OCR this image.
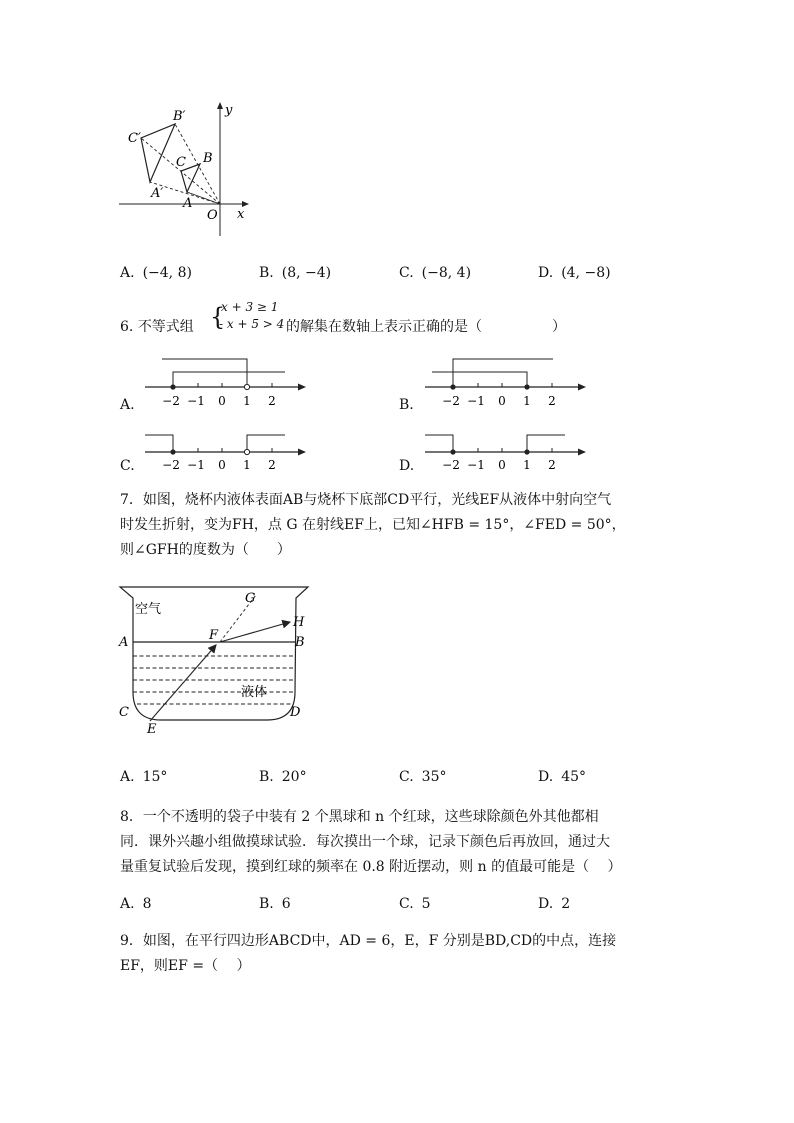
y
x
O
A
B
C
A′
B′
C′
A. (−4, 8)	B. (8, −4)	C. (−8, 4)	D. (4, −8)
6. 不等式组 {
x + 3 ≥ 1
- x + 5 > 4 的解集在数轴上表示正确的是（　　　　　）
A. −2 −1 0 1 2	B. −2 −1 0 1 2
C. −2 −1 0 1 2	D. −2 −1 0 1 2
7．如图，烧杯内液体表面AB与烧杯下底部CD平行，光线EF从液体中射向空气
时发生折射，变为FH，点 G 在射线EF上，已知∠HFB = 15°，∠FED = 50°，
则∠GFH的度数为（　　）
空气
液体
A	B
C	D
E
F
G
H
A. 15°	B. 20°	C. 35°	D. 45°
8．一个不透明的袋子中装有 2 个黑球和 n 个红球，这些球除颜色外其他都相
同．课外兴趣小组做摸球试验．每次摸出一个球，记录下颜色后再放回，通过大
量重复试验后发现，摸到红球的频率在 0.8 附近摆动，则 n 的值最可能是（　 ）
A. 8	B. 6	C. 5	D. 2
9．如图，在平行四边形ABCD中，AD = 6，E，F 分别是BD,CD的中点，连接
EF，则EF =（　 ）
